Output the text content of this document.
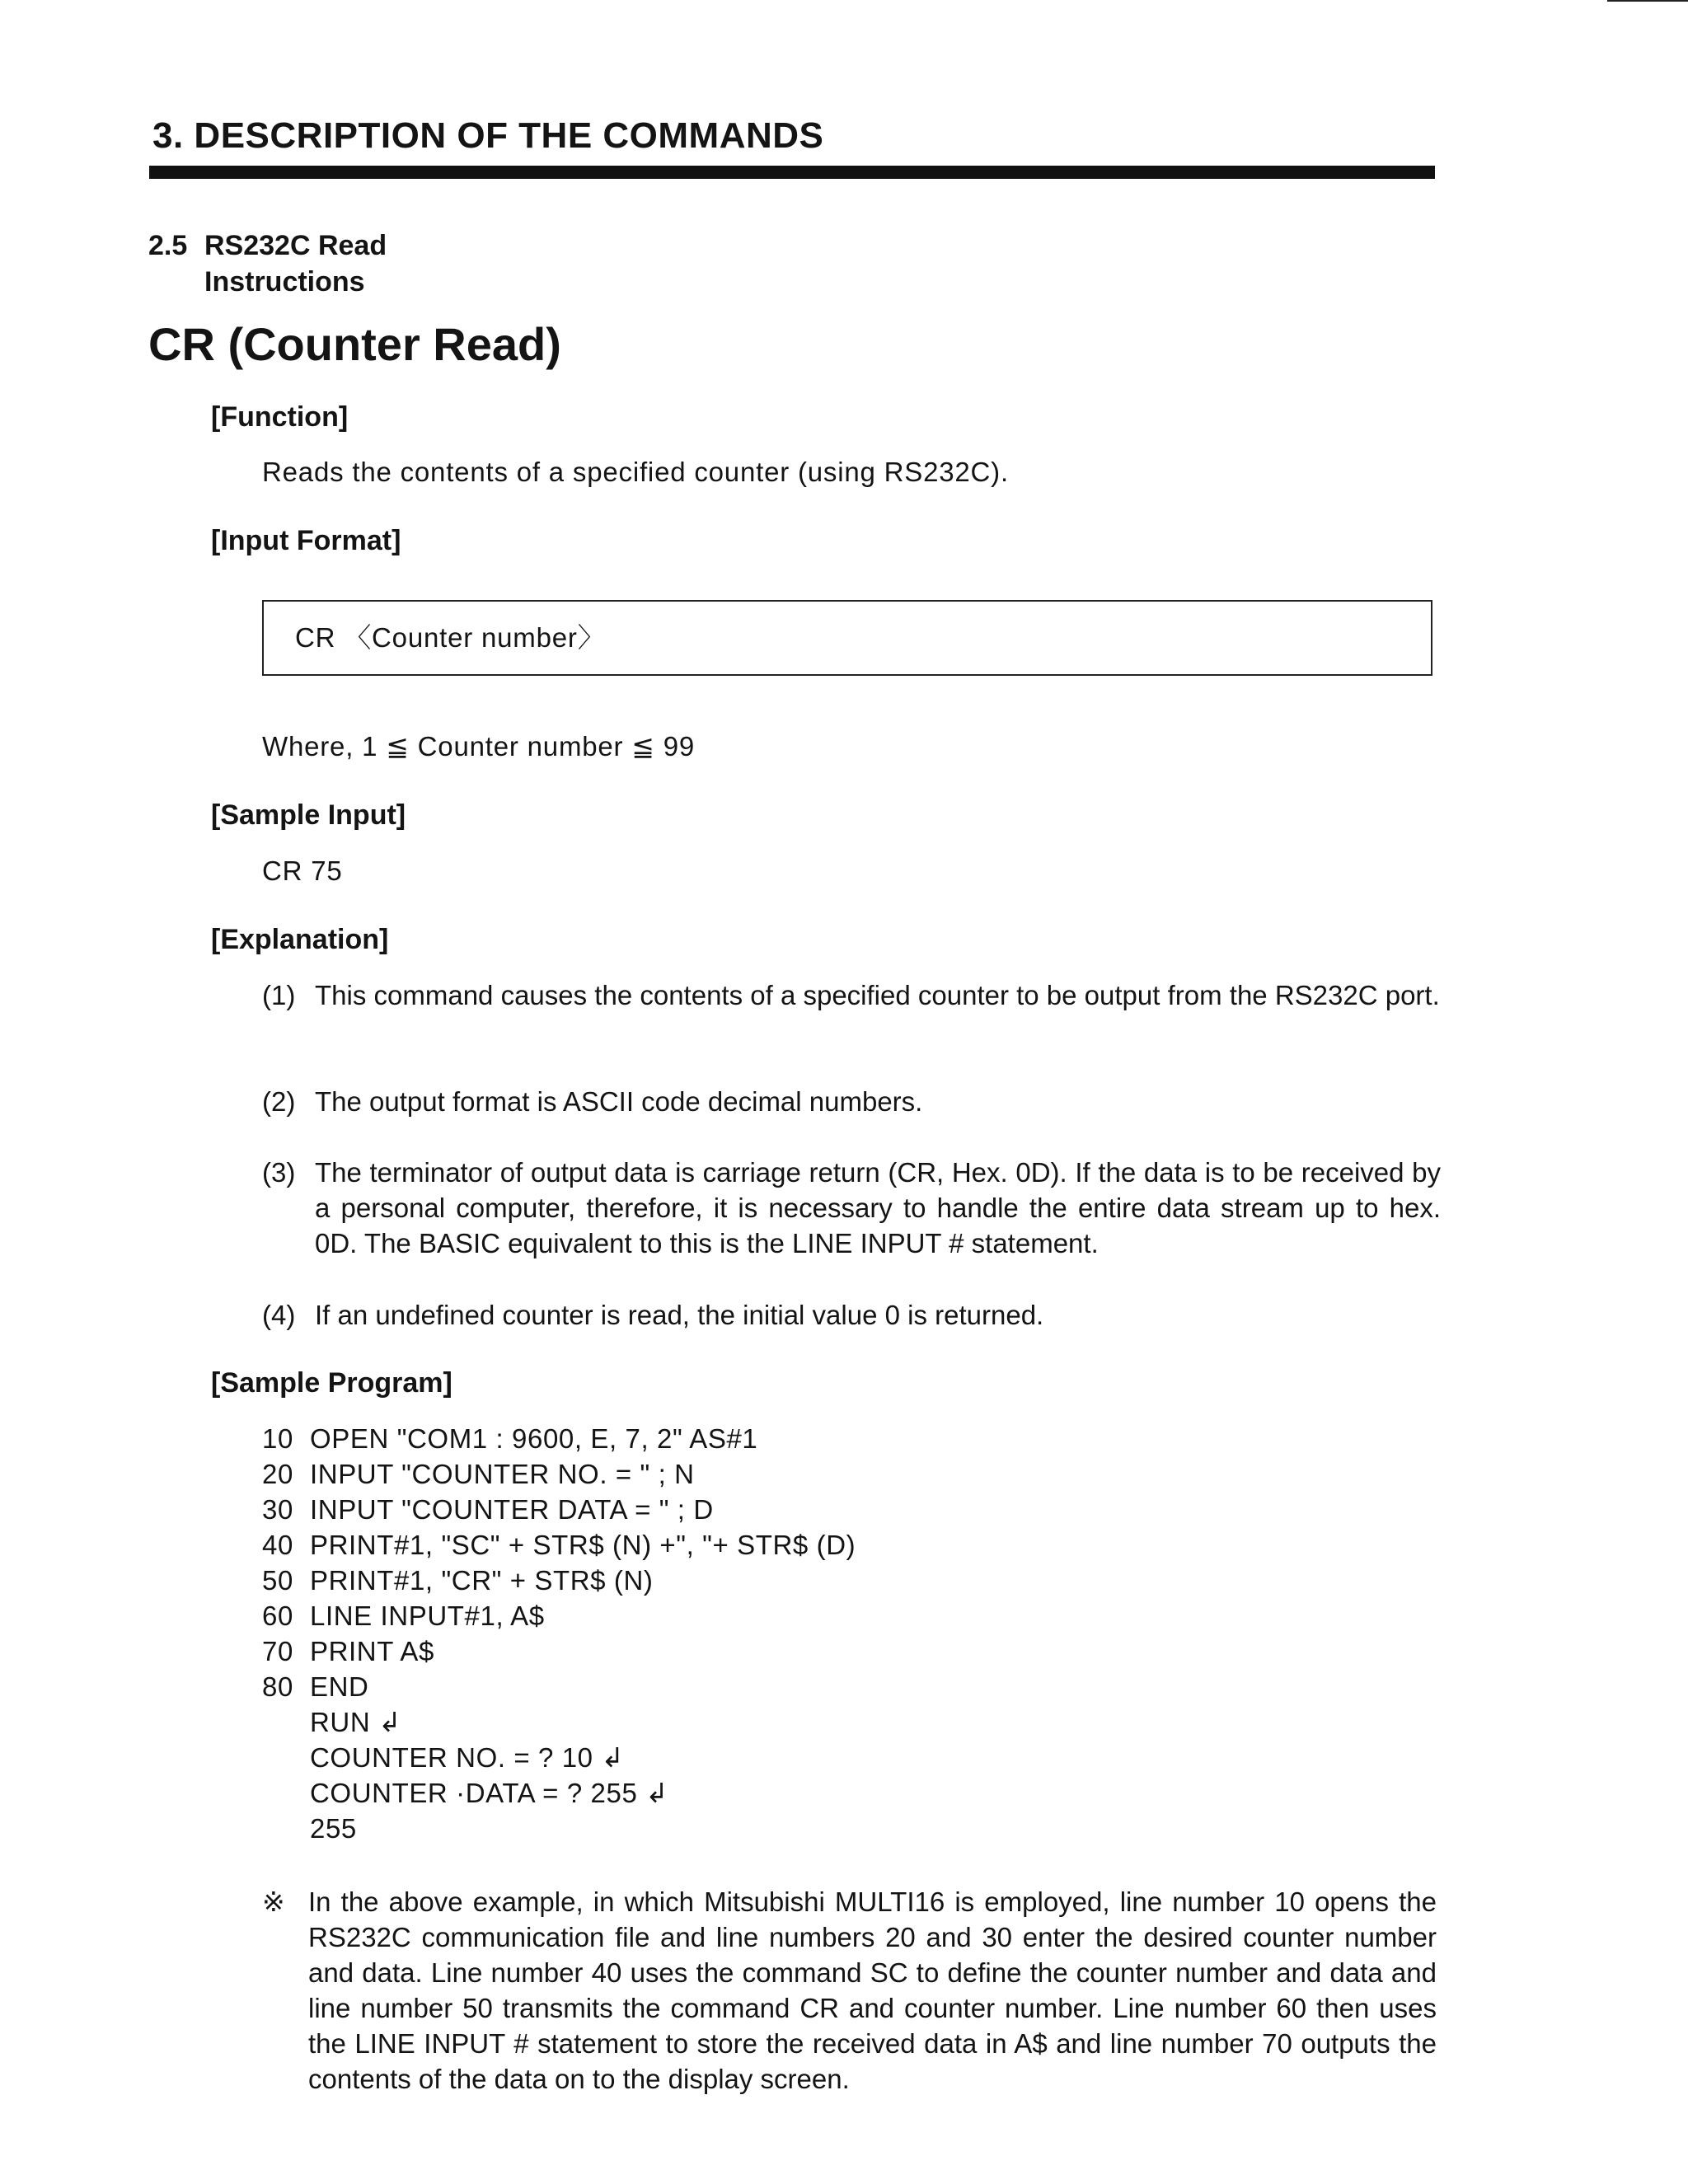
3. DESCRIPTION OF THE COMMANDS
2.5 RS232C Read
Instructions
CR (Counter Read)
[Function]
Reads the contents of a specified counter (using RS232C).
[Input Format]
CR 〈Counter number〉
Where, 1 ≦ Counter number ≦ 99
[Sample Input]
CR 75
[Explanation]
(1) This command causes the contents of a specified counter to be output from the RS232C port.
(2) The output format is ASCII code decimal numbers.
(3) The terminator of output data is carriage return (CR, Hex. 0D). If the data is to be received by a personal computer, therefore, it is necessary to handle the entire data stream up to hex. 0D. The BASIC equivalent to this is the LINE INPUT # statement.
(4) If an undefined counter is read, the initial value 0 is returned.
[Sample Program]
10 OPEN "COM1 : 9600, E, 7, 2" AS#1
20 INPUT "COUNTER NO. = " ; N
30 INPUT "COUNTER DATA = " ; D
40 PRINT#1, "SC" + STR$ (N) +", "+ STR$ (D)
50 PRINT#1, "CR" + STR$ (N)
60 LINE INPUT#1, A$
70 PRINT A$
80 END
RUN ↲
COUNTER NO. = ? 10 ↲
COUNTER ·DATA = ? 255 ↲
255
※ In the above example, in which Mitsubishi MULTI16 is employed, line number 10 opens the RS232C communication file and line numbers 20 and 30 enter the desired counter number and data. Line number 40 uses the command SC to define the counter number and data and line number 50 transmits the command CR and counter number. Line number 60 then uses the LINE INPUT # statement to store the received data in A$ and line number 70 outputs the contents of the data on to the display screen.
